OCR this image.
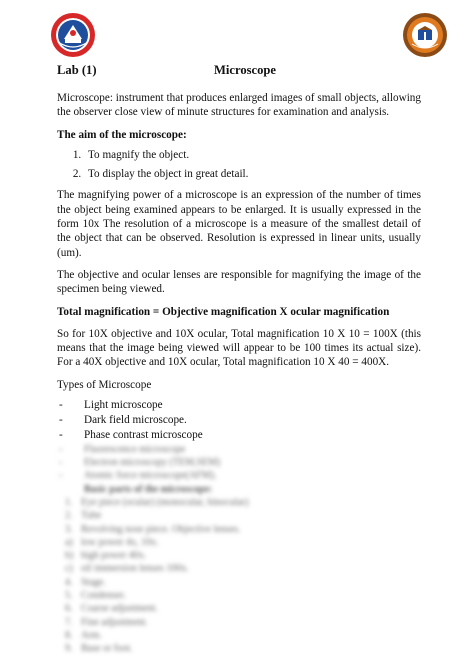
Lab (1)	Microscope

Microscope: instrument that produces enlarged images of small objects, allowing the observer close view of minute structures for examination and analysis.

The aim of the microscope:
1. To magnify the object.
2. To display the object in great detail.

The magnifying power of a microscope is an expression of the number of times the object being examined appears to be enlarged. It is usually expressed in the form 10x The resolution of a microscope is a measure of the smallest detail of the object that can be observed. Resolution is expressed in linear units, usually (um).

The objective and ocular lenses are responsible for magnifying the image of the specimen being viewed.

Total magnification = Objective magnification X ocular magnification

So for 10X objective and 10X ocular, Total magnification 10 X 10 = 100X (this means that the image being viewed will appear to be 100 times its actual size). For a 40X objective and 10X ocular, Total magnification 10 X 40 = 400X.

Types of Microscope
- Light microscope
- Dark field microscope.
- Phase contrast microscope
- Fluorescence microscope
- Electron microscopy (TEM,SEM)
- Atomic force microscope(AFM).
Basic parts of the microscope:
1. Eye piece (ocular) (monocular, binocular)
2. Tube
3. Revolving nose piece. Objective lenses.
a) low power 4x, 10x.
b) high power 40x.
c) oil immersion lenses 100x.
4. Stage.
5. Condenser.
6. Coarse adjustment.
7. Fine adjustment.
8. Arm.
9. Base or foot.
